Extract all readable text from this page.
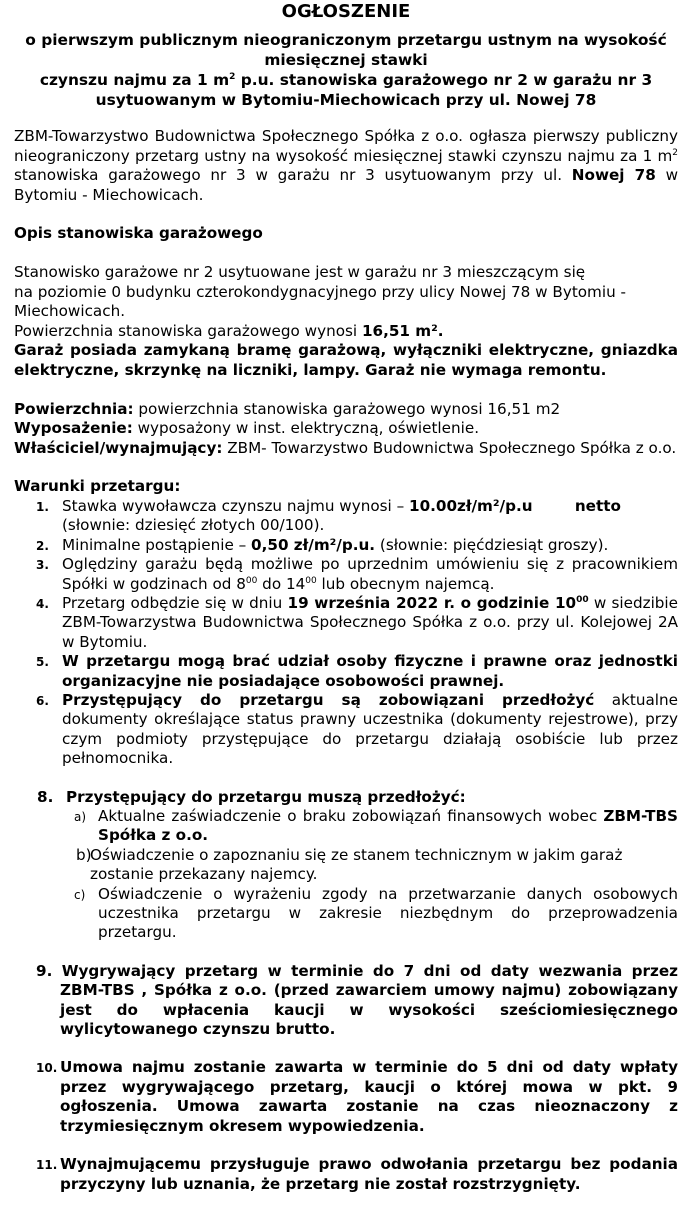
OGŁOSZENIE
o pierwszym publicznym nieograniczonym przetargu ustnym na wysokość
miesięcznej stawki
czynszu najmu za 1 $m^2$ p.u. stanowiska garażowego nr 2 w garażu nr 3
usytuowanym w Bytomiu-Miechowicach przy ul. Nowej 78

ZBM-Towarzystwo Budownictwa Społecznego Spółka z o.o. ogłasza pierwszy publiczny nieograniczony przetarg ustny na wysokość miesięcznej stawki czynszu najmu za 1 $m^2$ stanowiska garażowego nr 3 w garażu nr 3 usytuowanym przy ul. Nowej 78 w Bytomiu - Miechowicach.

Opis stanowiska garażowego

Stanowisko garażowe nr 2 usytuowane jest w garażu nr 3 mieszczącym się

na poziomie 0 budynku czterokondygnacyjnego przy ulicy Nowej 78 w Bytomiu -

Miechowicach.

Powierzchnia stanowiska garażowego wynosi 16,51 m².

Garaż posiada zamykaną bramę garażową, wyłączniki elektryczne, gniazdka elektryczne, skrzynkę na liczniki, lampy. Garaż nie wymaga remontu.

Powierzchnia: powierzchnia stanowiska garażowego wynosi 16,51 m2

Wyposażenie: wyposażony w inst. elektryczną, oświetlenie.

Właściciel/wynajmujący: ZBM- Towarzystwo Budownictwa Społecznego Spółka z o.o.

Warunki przetargu:

1. Stawka wywoławcza czynszu najmu wynosi – 10.00zł/m²/p.u        netto
(słownie: dziesięć złotych 00/100).
2. Minimalne postąpienie – 0,50 zł/m²/p.u. (słownie: pięćdziesiąt groszy).
3. Oględziny garażu będą możliwe po uprzednim umówieniu się z pracownikiem Spółki w godzinach od $8^{00}$ do $14^{00}$ lub obecnym najemcą.
4. Przetarg odbędzie się w dniu 19 września 2022 r. o godzinie $10^{00}$ w siedzibie ZBM-Towarzystwa Budownictwa Społecznego Spółka z o.o. przy ul. Kolejowej 2A w Bytomiu.
5. W przetargu mogą brać udział osoby fizyczne i prawne oraz jednostki organizacyjne nie posiadające osobowości prawnej.
6. Przystępujący do przetargu są zobowiązani przedłożyć aktualne dokumenty określające status prawny uczestnika (dokumenty rejestrowe), przy czym podmioty przystępujące do przetargu działają osobiście lub przez pełnomocnika.
8. Przystępujący do przetargu muszą przedłożyć:
a) Aktualne zaświadczenie o braku zobowiązań finansowych wobec ZBM-TBS Spółka z o.o.
b)
Oświadczenie o zapoznaniu się ze stanem technicznym w jakim garaż zostanie przekazany najemcy.
c) Oświadczenie o wyrażeniu zgody na przetwarzanie danych osobowych uczestnika przetargu w zakresie niezbędnym do przeprowadzenia przetargu.
9. Wygrywający przetarg w terminie do 7 dni od daty wezwania przez ZBM-TBS , Spółka z o.o. (przed zawarciem umowy najmu) zobowiązany jest do wpłacenia kaucji w wysokości sześciomiesięcznego wylicytowanego czynszu brutto.
10. Umowa najmu zostanie zawarta w terminie do 5 dni od daty wpłaty przez wygrywającego przetarg, kaucji o której mowa w pkt. 9 ogłoszenia. Umowa zawarta zostanie na czas nieoznaczony z trzymiesięcznym okresem wypowiedzenia.
11. Wynajmującemu przysługuje prawo odwołania przetargu bez podania przyczyny lub uznania, że przetarg nie został rozstrzygnięty.
